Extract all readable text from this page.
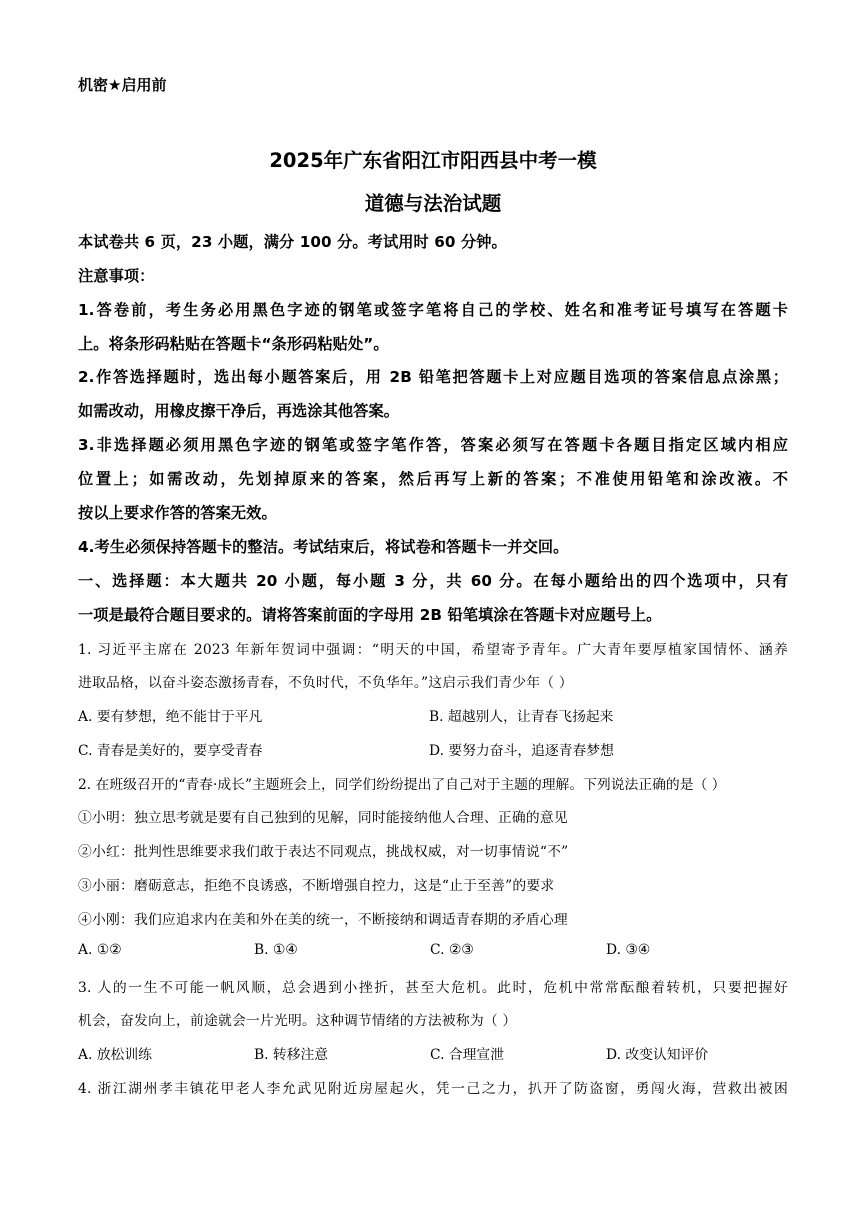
机密★启用前
2025年广东省阳江市阳西县中考一模
道德与法治试题
本试卷共 6 页，23 小题，满分 100 分。考试用时 60 分钟。
注意事项：
1.答卷前，考生务必用黑色字迹的钢笔或签字笔将自己的学校、姓名和准考证号填写在答题卡
上。将条形码粘贴在答题卡“条形码粘贴处”。
2.作答选择题时，选出每小题答案后，用 2B 铅笔把答题卡上对应题目选项的答案信息点涂黑；
如需改动，用橡皮擦干净后，再选涂其他答案。
3.非选择题必须用黑色字迹的钢笔或签字笔作答，答案必须写在答题卡各题目指定区域内相应
位置上；如需改动，先划掉原来的答案，然后再写上新的答案；不准使用铅笔和涂改液。不
按以上要求作答的答案无效。
4.考生必须保持答题卡的整洁。考试结束后，将试卷和答题卡一并交回。
一、选择题：本大题共 20 小题，每小题 3 分，共 60 分。在每小题给出的四个选项中，只有
一项是最符合题目要求的。请将答案前面的字母用 2B 铅笔填涂在答题卡对应题号上。
1. 习近平主席在 2023 年新年贺词中强调：“明天的中国，希望寄予青年。广大青年要厚植家国情怀、涵养
进取品格，以奋斗姿态激扬青春，不负时代，不负华年。”这启示我们青少年（ ）
A. 要有梦想，绝不能甘于平凡	B. 超越别人，让青春飞扬起来
C. 青春是美好的，要享受青春	D. 要努力奋斗，追逐青春梦想
2. 在班级召开的“青春·成长”主题班会上，同学们纷纷提出了自己对于主题的理解。下列说法正确的是（ ）
①小明：独立思考就是要有自己独到的见解，同时能接纳他人合理、正确的意见
②小红：批判性思维要求我们敢于表达不同观点，挑战权威，对一切事情说“不”
③小丽：磨砺意志，拒绝不良诱惑，不断增强自控力，这是“止于至善”的要求
④小刚：我们应追求内在美和外在美的统一，不断接纳和调适青春期的矛盾心理
A. ①②	B. ①④	C. ②③	D. ③④
3. 人的一生不可能一帆风顺，总会遇到小挫折，甚至大危机。此时，危机中常常酝酿着转机，只要把握好
机会，奋发向上，前途就会一片光明。这种调节情绪的方法被称为（ ）
A. 放松训练	B. 转移注意	C. 合理宣泄	D. 改变认知评价
4. 浙江湖州孝丰镇花甲老人李允武见附近房屋起火，凭一己之力，扒开了防盗窗，勇闯火海，营救出被困
